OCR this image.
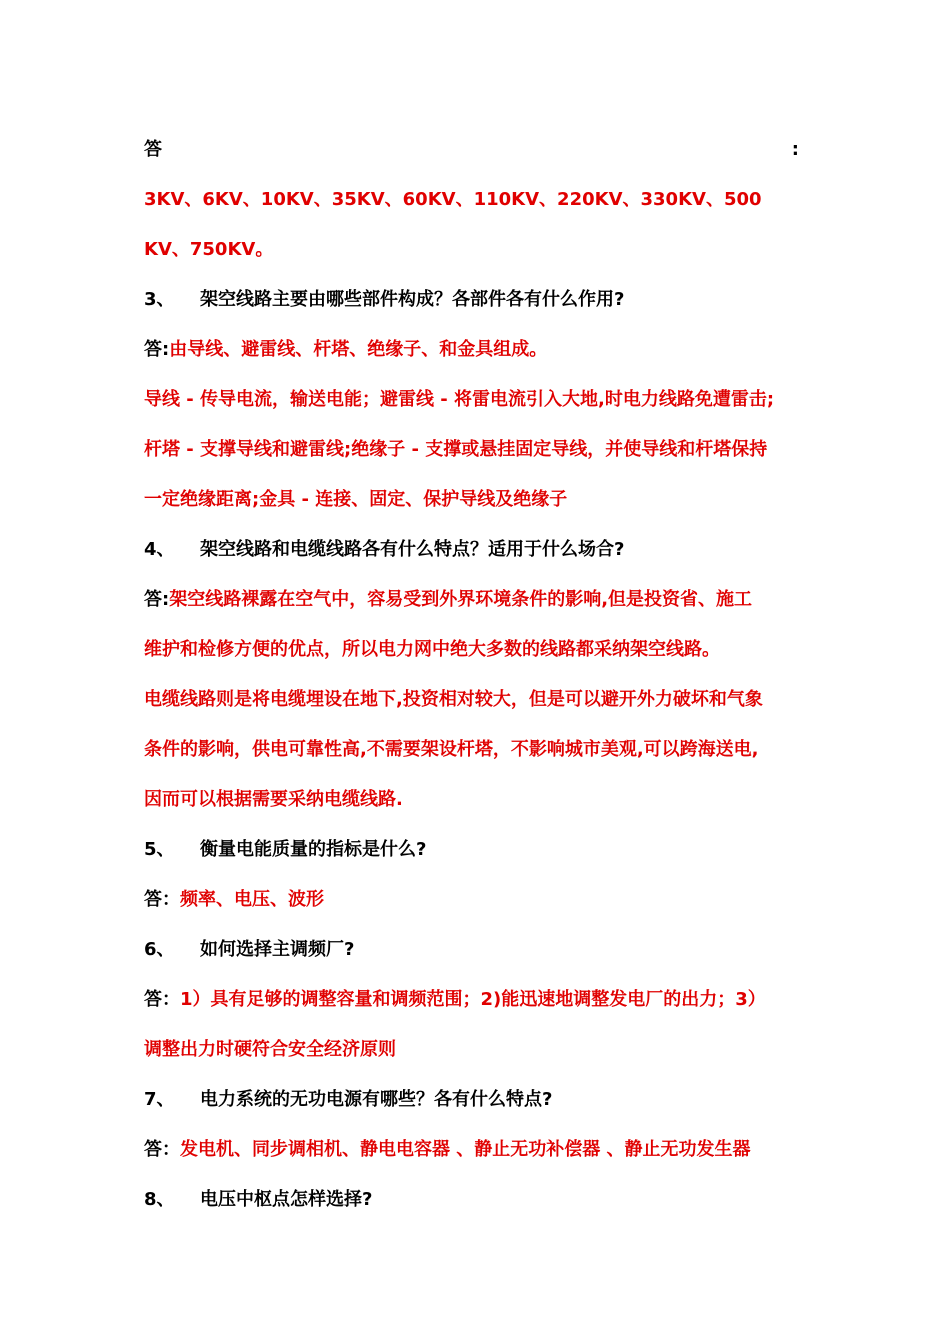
答	:
3KV、6KV、10KV、35KV、60KV、110KV、220KV、330KV、500
KV、750KV。
3、 架空线路主要由哪些部件构成？各部件各有什么作用?
答:由导线、避雷线、杆塔、绝缘子、和金具组成。
导线 - 传导电流，输送电能；避雷线 - 将雷电流引入大地,时电力线路免遭雷击;
杆塔 - 支撑导线和避雷线;绝缘子 - 支撑或悬挂固定导线，并使导线和杆塔保持
一定绝缘距离;金具 - 连接、固定、保护导线及绝缘子
4、 架空线路和电缆线路各有什么特点？适用于什么场合?
答:架空线路裸露在空气中，容易受到外界环境条件的影响,但是投资省、施工
维护和检修方便的优点，所以电力网中绝大多数的线路都采纳架空线路。
电缆线路则是将电缆埋设在地下,投资相对较大，但是可以避开外力破坏和气象
条件的影响，供电可靠性高,不需要架设杆塔，不影响城市美观,可以跨海送电,
因而可以根据需要采纳电缆线路.
5、 衡量电能质量的指标是什么?
答：频率、电压、波形
6、 如何选择主调频厂?
答：1）具有足够的调整容量和调频范围；2)能迅速地调整发电厂的出力；3）
调整出力时硬符合安全经济原则
7、 电力系统的无功电源有哪些？各有什么特点?
答：发电机、同步调相机、静电电容器 、静止无功补偿器 、静止无功发生器
8、 电压中枢点怎样选择?
